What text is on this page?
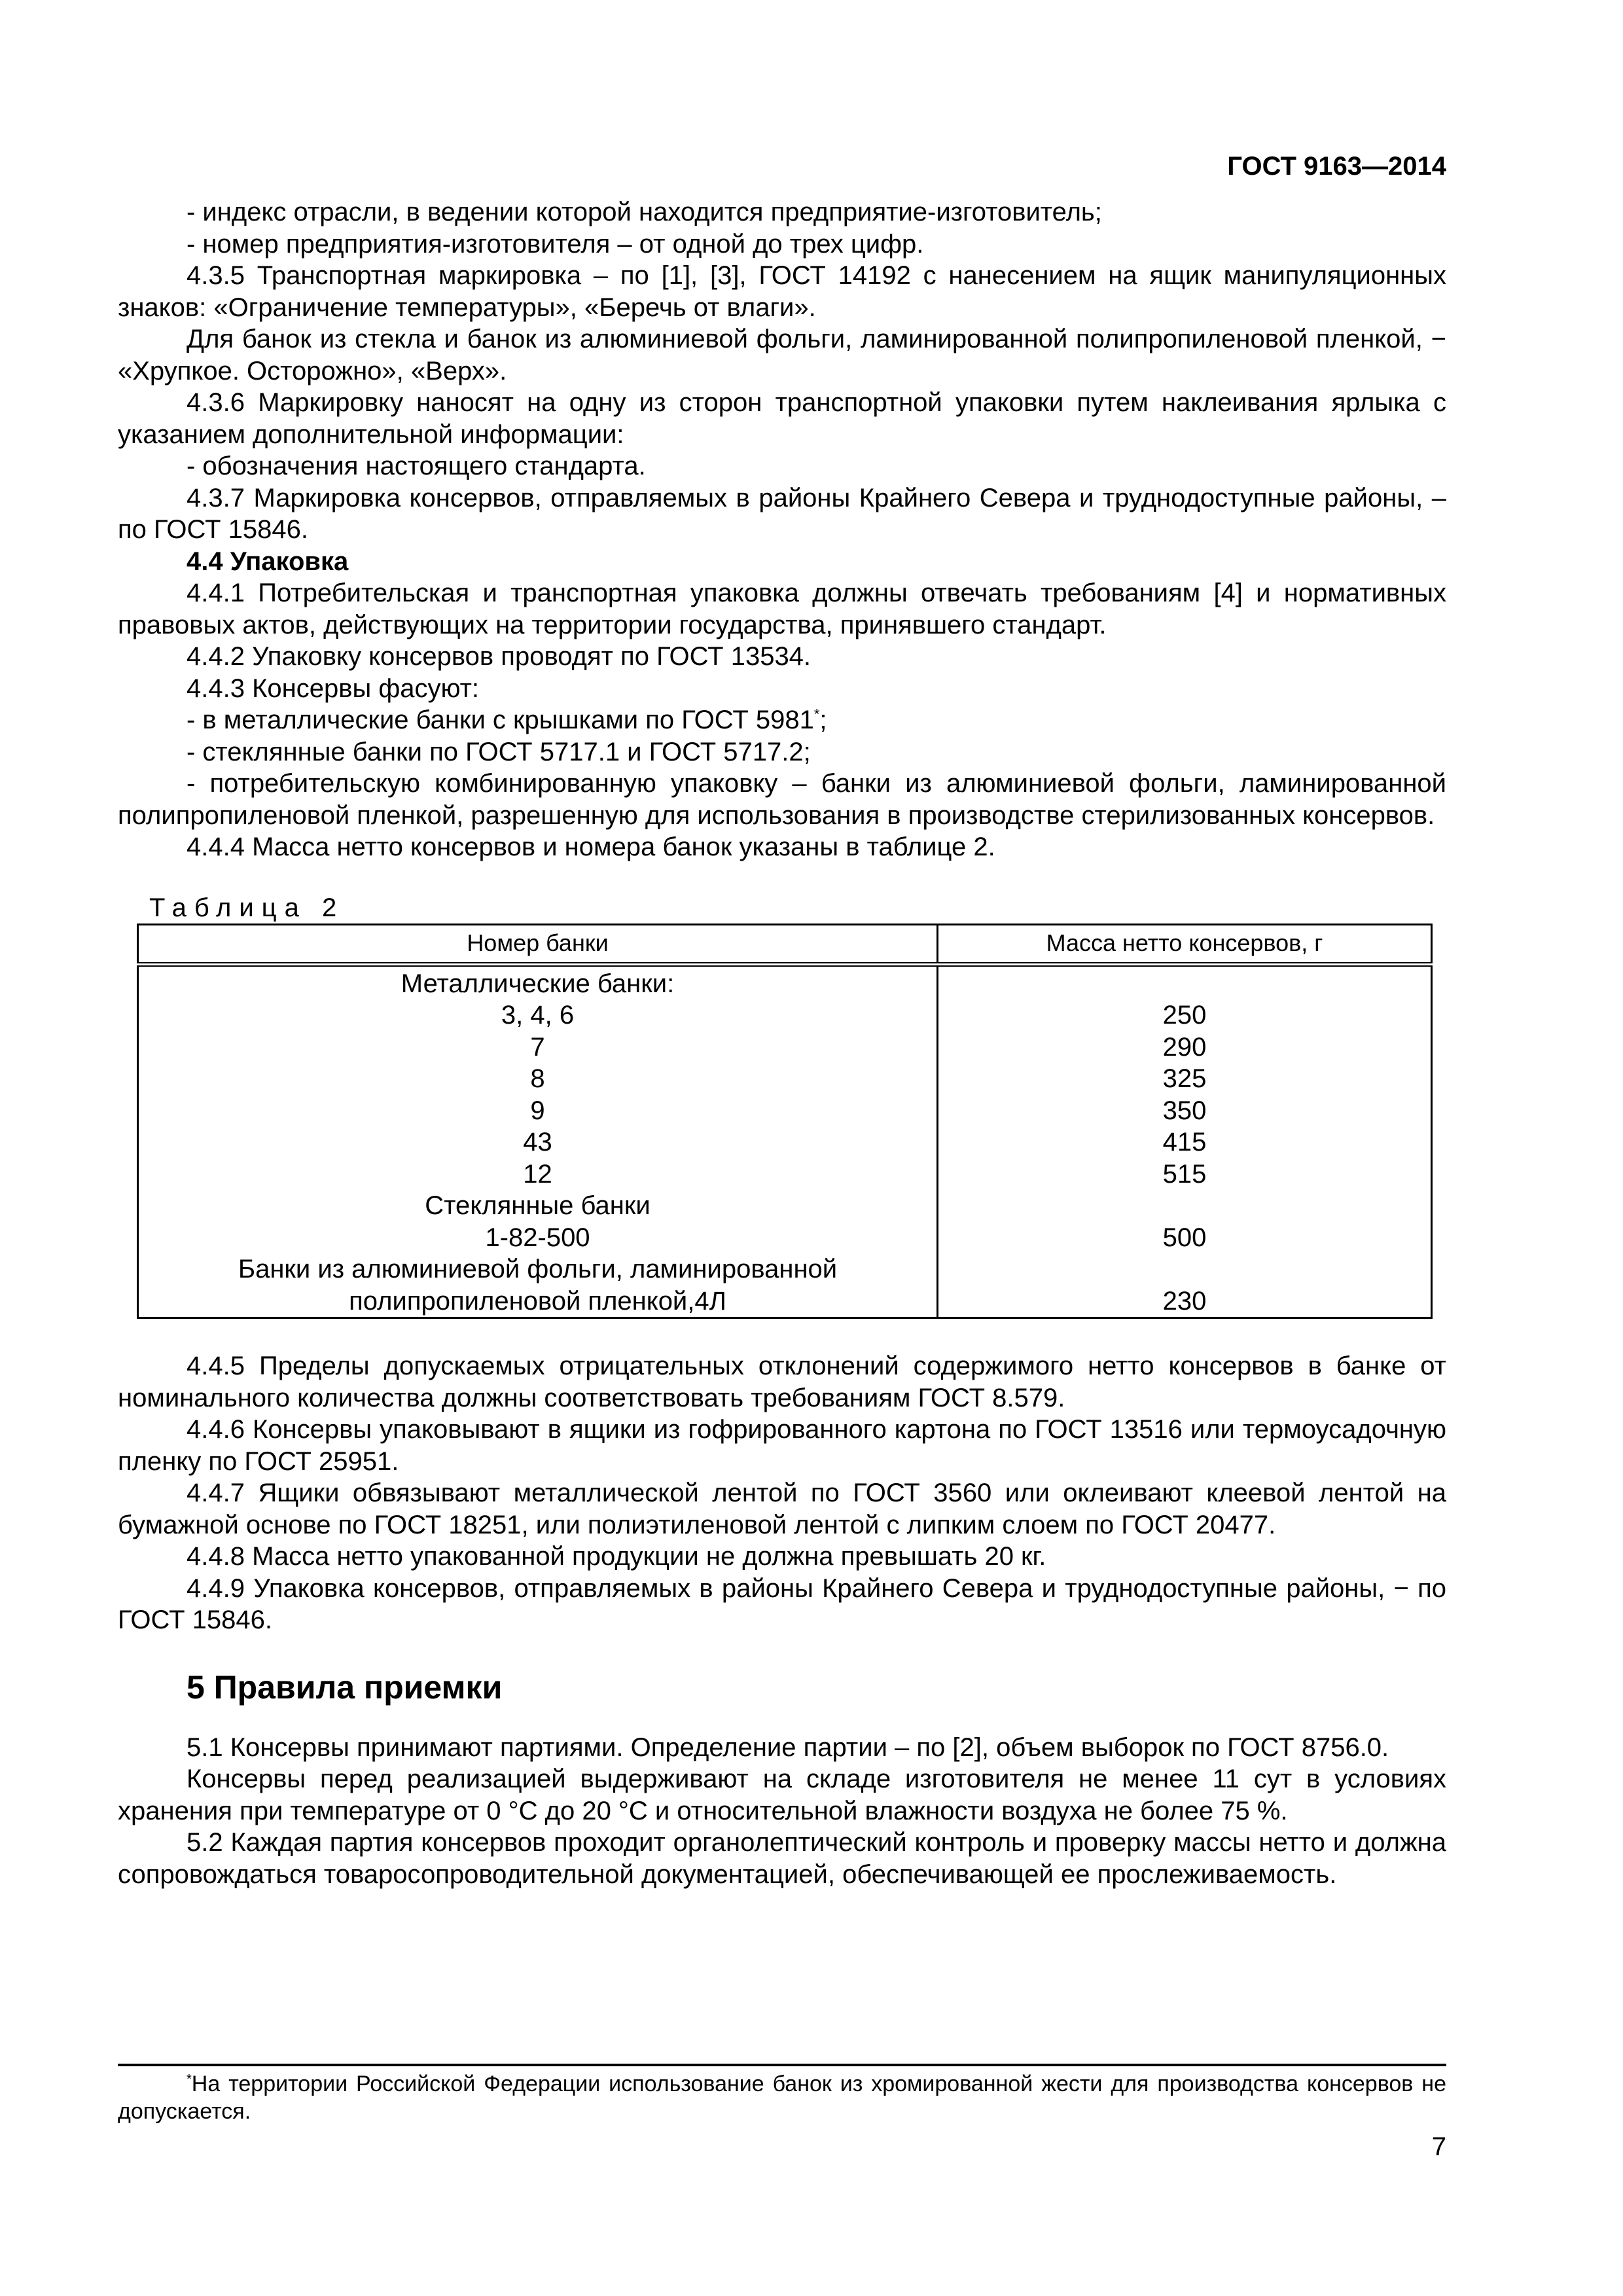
ГОСТ 9163—2014

- индекс отрасли, в ведении которой находится предприятие-изготовитель;

- номер предприятия-изготовителя – от одной до трех цифр.

4.3.5 Транспортная маркировка – по [1], [3], ГОСТ 14192 с нанесением на ящик манипуляционных знаков: «Ограничение температуры», «Беречь от влаги».

Для банок из стекла и банок из алюминиевой фольги, ламинированной полипропиленовой пленкой, − «Хрупкое. Осторожно», «Верх».

4.3.6 Маркировку наносят на одну из сторон транспортной упаковки путем наклеивания ярлыка с указанием дополнительной информации:

- обозначения настоящего стандарта.

4.3.7 Маркировка консервов, отправляемых в районы Крайнего Севера и труднодоступные районы, – по ГОСТ 15846.

4.4 Упаковка

4.4.1 Потребительская и транспортная упаковка должны отвечать требованиям [4] и нормативных правовых актов, действующих на территории государства, принявшего стандарт.

4.4.2 Упаковку консервов проводят по ГОСТ 13534.

4.4.3 Консервы фасуют:

- в металлические банки с крышками по ГОСТ 5981*;

- стеклянные банки по ГОСТ 5717.1 и ГОСТ 5717.2;

- потребительскую комбинированную упаковку – банки из алюминиевой фольги, ламинированной полипропиленовой пленкой, разрешенную для использования в производстве стерилизованных консервов.

4.4.4 Масса нетто консервов и номера банок указаны в таблице 2.

Таблица 2
Номер банки	Масса нетто консервов, г
Металлические банки:	
3, 4, 6	250
7	290
8	325
9	350
43	415
12	515
Стеклянные банки	
1-82-500	500
Банки из алюминиевой фольги, ламинированной	
полипропиленовой пленкой,4Л	230

4.4.5 Пределы допускаемых отрицательных отклонений содержимого нетто консервов в банке от номинального количества должны соответствовать требованиям ГОСТ 8.579.

4.4.6 Консервы упаковывают в ящики из гофрированного картона по ГОСТ 13516 или термоусадочную пленку по ГОСТ 25951.

4.4.7 Ящики обвязывают металлической лентой по ГОСТ 3560 или оклеивают клеевой лентой на бумажной основе по ГОСТ 18251, или полиэтиленовой лентой с липким слоем по ГОСТ 20477.

4.4.8 Масса нетто упакованной продукции не должна превышать 20 кг.

4.4.9 Упаковка консервов, отправляемых в районы Крайнего Севера и труднодоступные районы, − по ГОСТ 15846.

5 Правила приемки

5.1 Консервы принимают партиями. Определение партии – по [2], объем выборок по ГОСТ 8756.0.

Консервы перед реализацией выдерживают на складе изготовителя не менее 11 сут в условиях хранения при температуре от 0 °С до 20 °С и относительной влажности воздуха не более 75 %.

5.2 Каждая партия консервов проходит органолептический контроль и проверку массы нетто и должна сопровождаться товаросопроводительной документацией, обеспечивающей ее прослеживаемость.

*На территории Российской Федерации использование банок из хромированной жести для производства консервов не допускается.
7
